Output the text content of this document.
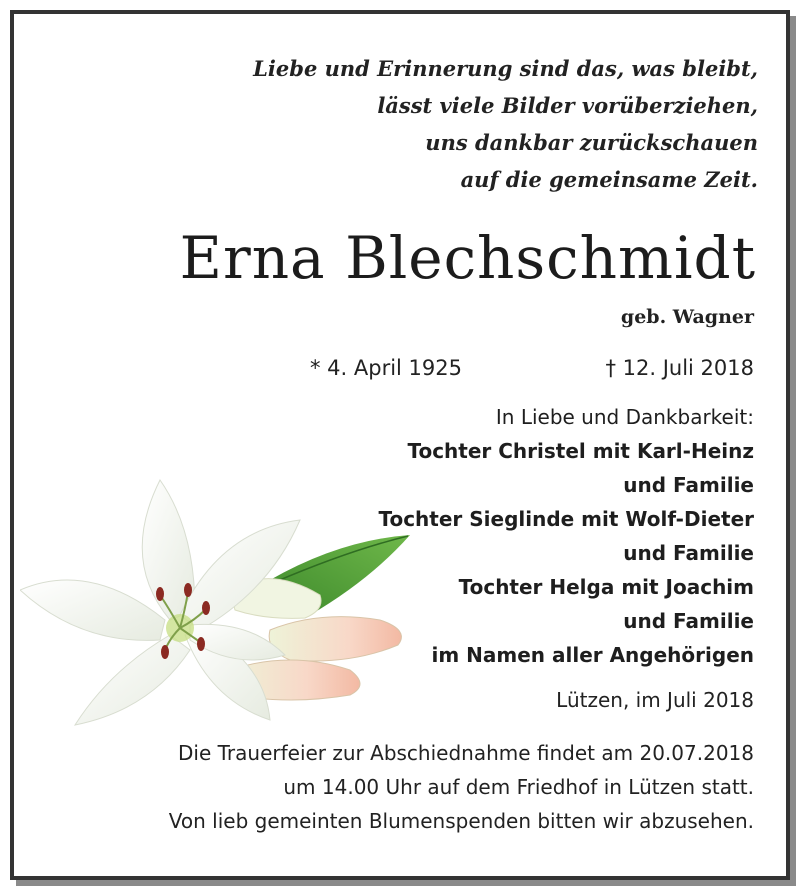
Liebe und Erinnerung sind das, was bleibt,
lässt viele Bilder vorüberziehen,
uns dankbar zurückschauen
auf die gemeinsame Zeit.
Erna Blechschmidt
geb. Wagner
* 4. April 1925	† 12. Juli 2018
In Liebe und Dankbarkeit:
Tochter Christel mit Karl-Heinz
und Familie
Tochter Sieglinde mit Wolf-Dieter
und Familie
Tochter Helga mit Joachim
und Familie
im Namen aller Angehörigen
Lützen, im Juli 2018
Die Trauerfeier zur Abschiednahme findet am 20.07.2018
um 14.00 Uhr auf dem Friedhof in Lützen statt.
Von lieb gemeinten Blumenspenden bitten wir abzusehen.
